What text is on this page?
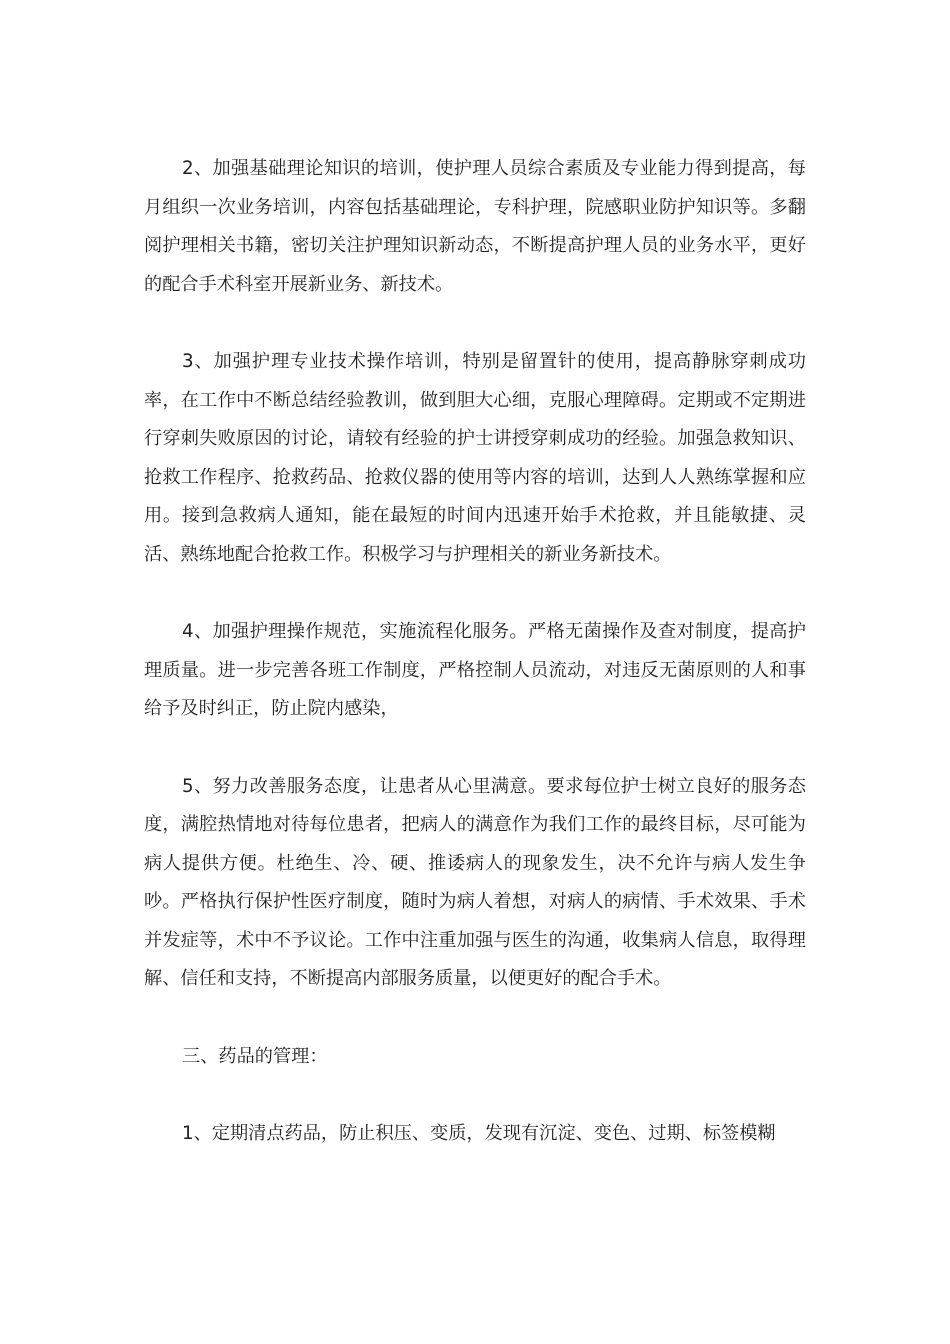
2、加强基础理论知识的培训，使护理人员综合素质及专业能力得到提高，每月组织一次业务培训，内容包括基础理论，专科护理，院感职业防护知识等。多翻阅护理相关书籍，密切关注护理知识新动态，不断提高护理人员的业务水平，更好的配合手术科室开展新业务、新技术。

3、加强护理专业技术操作培训，特别是留置针的使用，提高静脉穿刺成功率，在工作中不断总结经验教训，做到胆大心细，克服心理障碍。定期或不定期进行穿刺失败原因的讨论，请较有经验的护士讲授穿刺成功的经验。加强急救知识、抢救工作程序、抢救药品、抢救仪器的使用等内容的培训，达到人人熟练掌握和应用。接到急救病人通知，能在最短的时间内迅速开始手术抢救，并且能敏捷、灵活、熟练地配合抢救工作。积极学习与护理相关的新业务新技术。

4、加强护理操作规范，实施流程化服务。严格无菌操作及查对制度，提高护理质量。进一步完善各班工作制度，严格控制人员流动，对违反无菌原则的人和事给予及时纠正，防止院内感染，

5、努力改善服务态度，让患者从心里满意。要求每位护士树立良好的服务态度，满腔热情地对待每位患者，把病人的满意作为我们工作的最终目标，尽可能为病人提供方便。杜绝生、冷、硬、推诿病人的现象发生，决不允许与病人发生争吵。严格执行保护性医疗制度，随时为病人着想，对病人的病情、手术效果、手术并发症等，术中不予议论。工作中注重加强与医生的沟通，收集病人信息，取得理解、信任和支持，不断提高内部服务质量，以便更好的配合手术。

三、药品的管理：

1、定期清点药品，防止积压、变质，发现有沉淀、变色、过期、标签模糊
